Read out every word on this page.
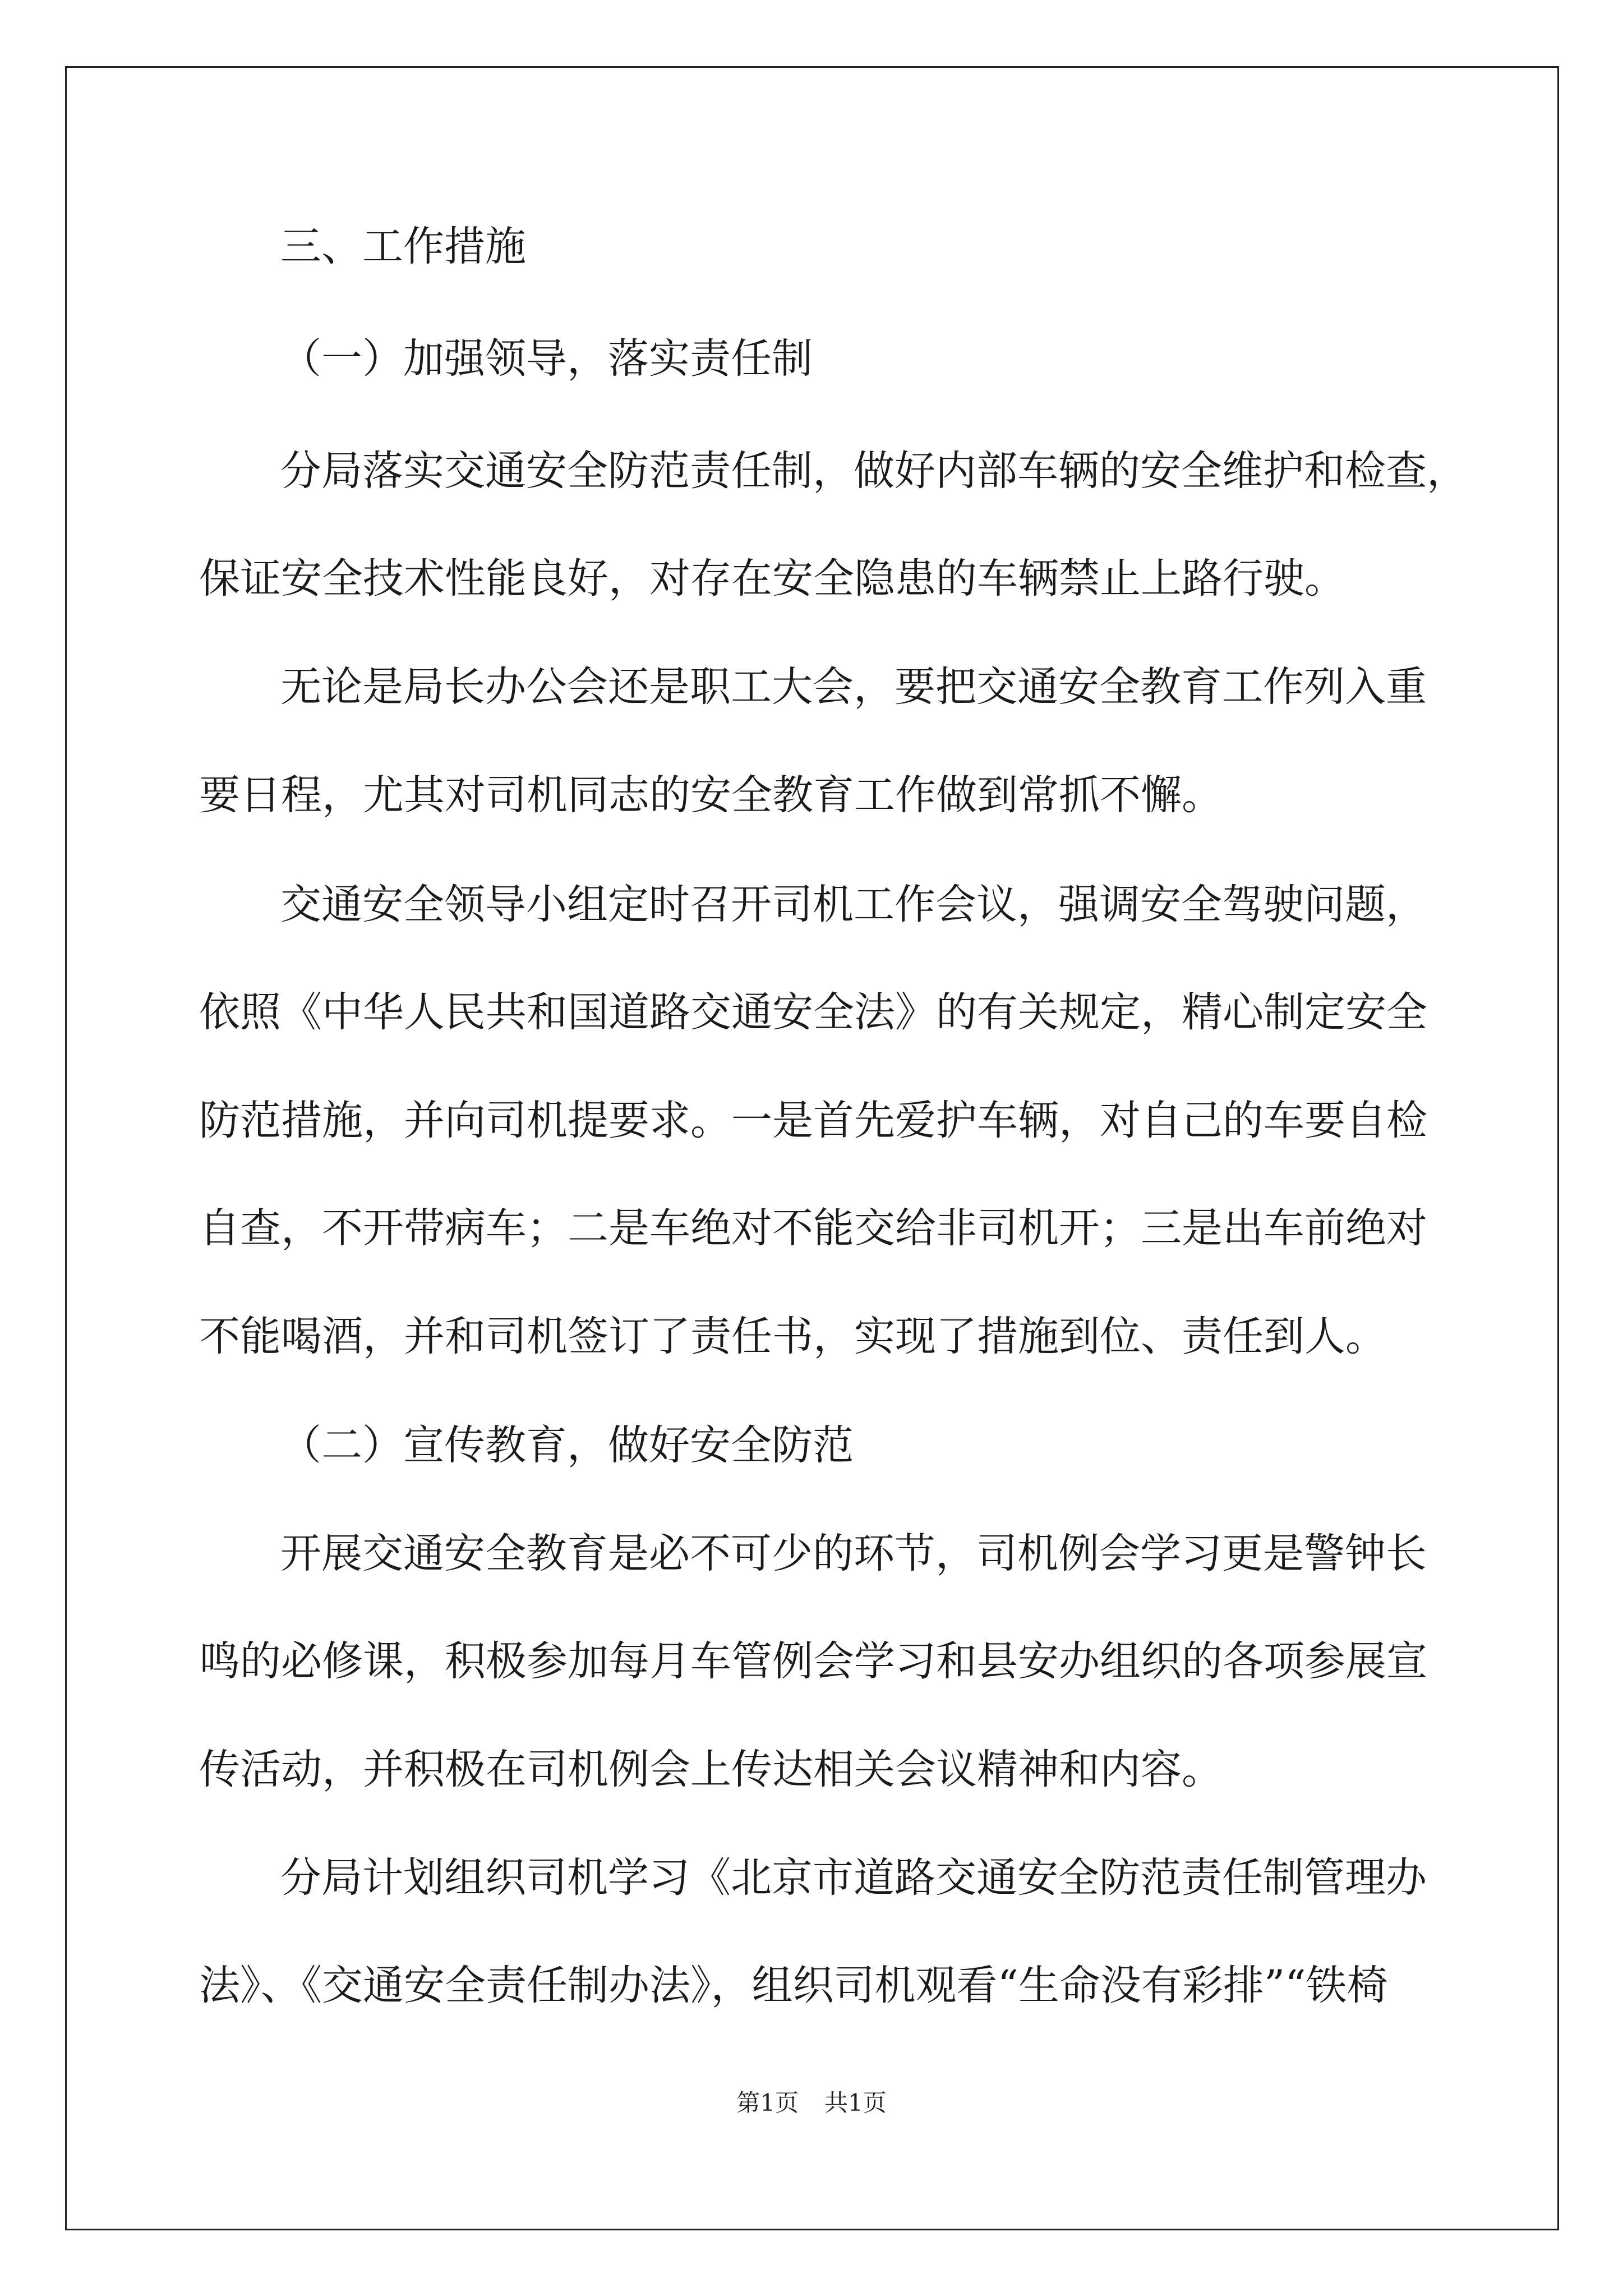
三、工作措施
（一）加强领导，落实责任制
分局落实交通安全防范责任制，做好内部车辆的安全维护和检查，
保证安全技术性能良好，对存在安全隐患的车辆禁止上路行驶。
无论是局长办公会还是职工大会，要把交通安全教育工作列入重
要日程，尤其对司机同志的安全教育工作做到常抓不懈。
交通安全领导小组定时召开司机工作会议，强调安全驾驶问题，
依照《中华人民共和国道路交通安全法》的有关规定，精心制定安全
防范措施，并向司机提要求。一是首先爱护车辆，对自己的车要自检
自查，不开带病车；二是车绝对不能交给非司机开；三是出车前绝对
不能喝酒，并和司机签订了责任书，实现了措施到位、责任到人。
（二）宣传教育，做好安全防范
开展交通安全教育是必不可少的环节，司机例会学习更是警钟长
鸣的必修课，积极参加每月车管例会学习和县安办组织的各项参展宣
传活动，并积极在司机例会上传达相关会议精神和内容。
分局计划组织司机学习《北京市道路交通安全防范责任制管理办
法》、《交通安全责任制办法》，组织司机观看“生命没有彩排”“铁椅
第1页 共1页
